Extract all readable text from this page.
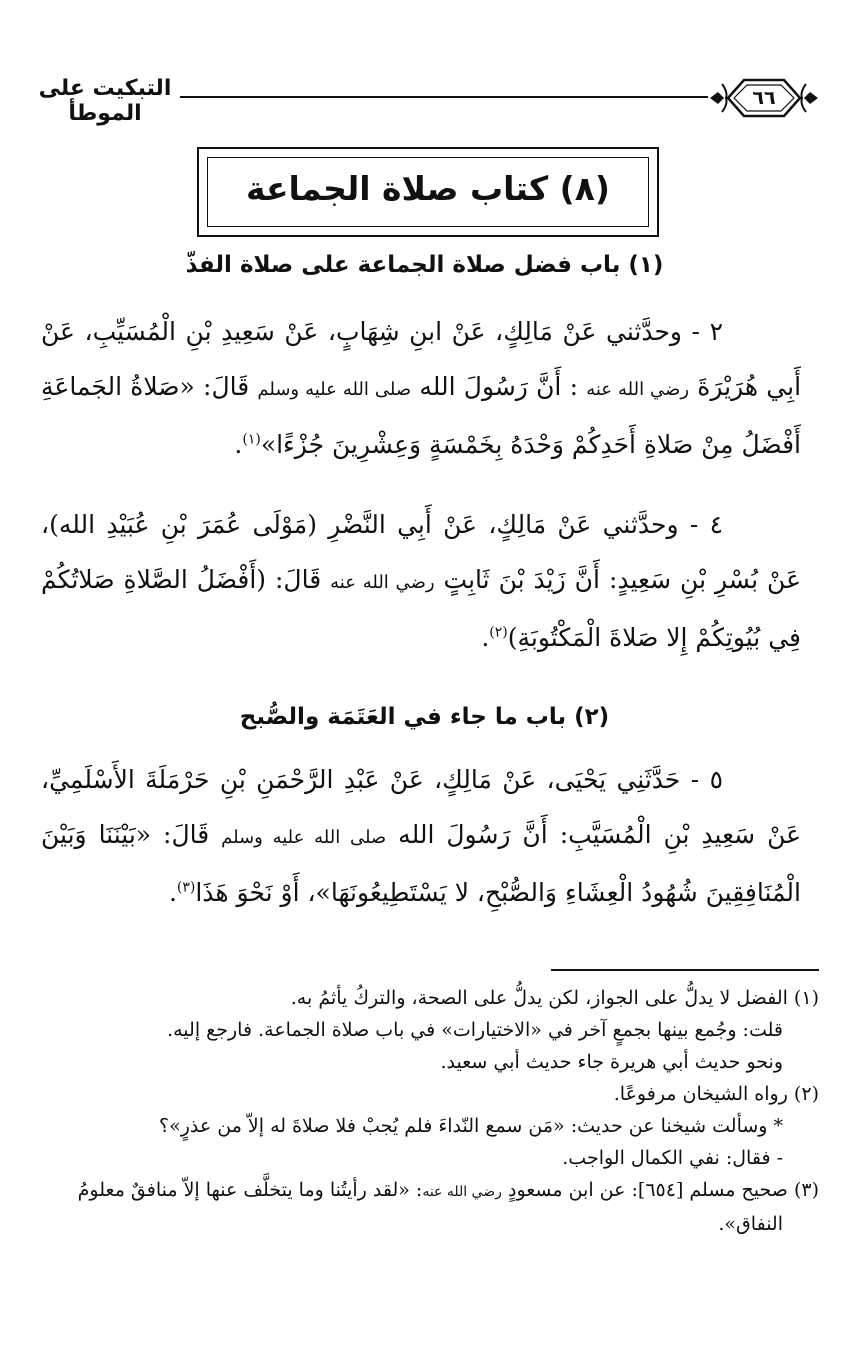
٦٦
التبكيت على الموطأ
(٨) كتاب صلاة الجماعة
(١) باب فضل صلاة الجماعة على صلاة الفذّ
٢ - وحدَّثني عَنْ مَالِكٍ، عَنْ ابنِ شِهَابٍ، عَنْ سَعِيدِ بْنِ الْمُسَيِّبِ، عَنْ أَبِي هُرَيْرَةَ رضي الله عنه : أَنَّ رَسُولَ الله صلى الله عليه وسلم قَالَ: «صَلاةُ الجَماعَةِ أَفْضَلُ مِنْ صَلاةِ أَحَدِكُمْ وَحْدَهُ بِخَمْسَةٍ وَعِشْرِينَ جُزْءًا»$^{(١)}$.
٤ - وحدَّثني عَنْ مَالِكٍ، عَنْ أَبِي النَّضْرِ (مَوْلَى عُمَرَ بْنِ عُبَيْدِ الله)، عَنْ بُسْرِ بْنِ سَعِيدٍ: أَنَّ زَيْدَ بْنَ ثَابِتٍ رضي الله عنه قَالَ: (أَفْضَلُ الصَّلاةِ صَلاتُكُمْ فِي بُيُوتِكُمْ إِلا صَلاةَ الْمَكْتُوبَةِ)$^{(٢)}$.
(٢) باب ما جاء في العَتَمَة والصُّبح
٥ - حَدَّثَنِي يَحْيَى، عَنْ مَالِكٍ، عَنْ عَبْدِ الرَّحْمَنِ بْنِ حَرْمَلَةَ الأَسْلَمِيِّ، عَنْ سَعِيدِ بْنِ الْمُسَيَّبِ: أَنَّ رَسُولَ الله صلى الله عليه وسلم قَالَ: «بَيْنَنَا وَبَيْنَ الْمُنَافِقِينَ شُهُودُ الْعِشَاءِ وَالصُّبْحِ، لا يَسْتَطِيعُونَهَا»، أَوْ نَحْوَ هَذَا$^{(٣)}$.
(١) الفضل لا يدلُّ على الجواز، لكن يدلُّ على الصحة، والتركُ يأثمُ به.
قلت: وجُمع بينها بجمعٍ آخر في «الاختيارات» في باب صلاة الجماعة. فارجع إليه.
ونحو حديث أبي هريرة جاء حديث أبي سعيد.
(٢) رواه الشيخان مرفوعًا.
* وسألت شيخنا عن حديث: «مَن سمع النّداءَ فلم يُجبْ فلا صلاةَ له إلاّ من عذرٍ»؟
- فقال: نفي الكمال الواجب.
(٣) صحيح مسلم [٦٥٤]: عن ابن مسعودٍ رضي الله عنه: «لقد رأيتُنا وما يتخلَّف عنها إلاّ منافقٌ معلومُ النفاق».
